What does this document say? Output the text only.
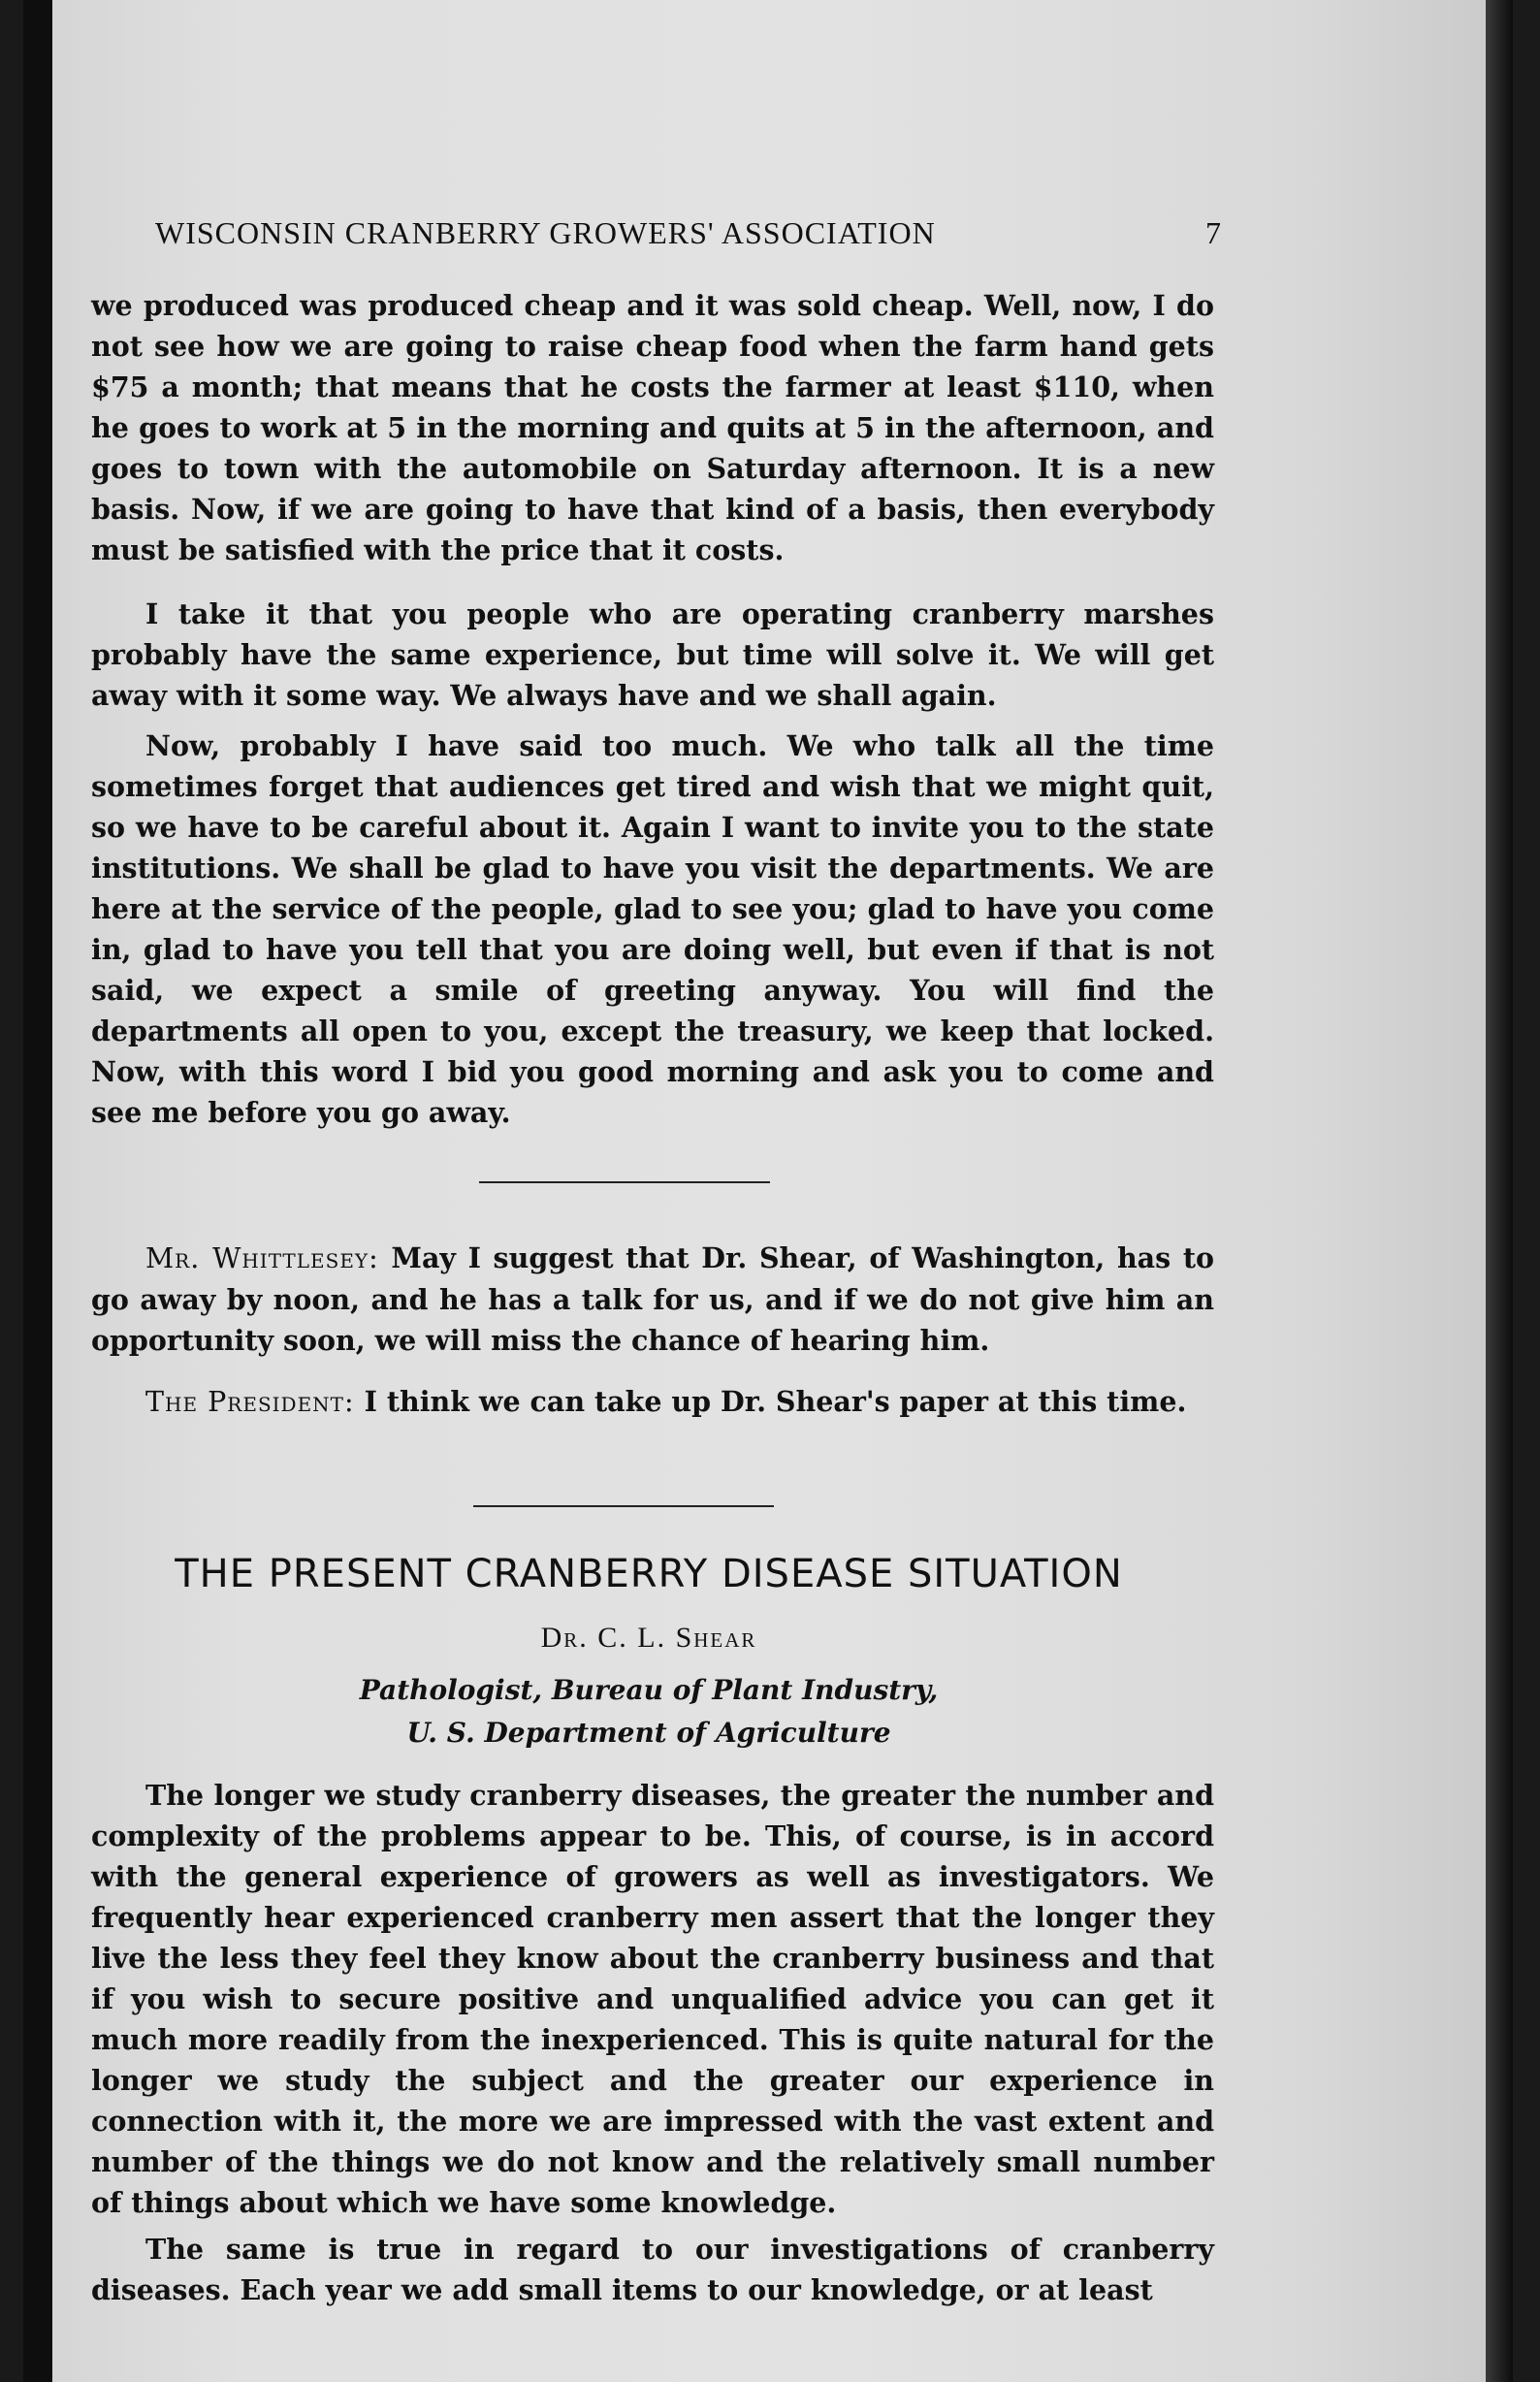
WISCONSIN CRANBERRY GROWERS' ASSOCIATION	7

we produced was produced cheap and it was sold cheap. Well, now, I do not see how we are going to raise cheap food when the farm hand gets $75 a month; that means that he costs the farmer at least $110, when he goes to work at 5 in the morning and quits at 5 in the afternoon, and goes to town with the automobile on Saturday afternoon. It is a new basis. Now, if we are going to have that kind of a basis, then everybody must be satisfied with the price that it costs.

I take it that you people who are operating cranberry marshes probably have the same experience, but time will solve it. We will get away with it some way. We always have and we shall again.

Now, probably I have said too much. We who talk all the time sometimes forget that audiences get tired and wish that we might quit, so we have to be careful about it. Again I want to invite you to the state institutions. We shall be glad to have you visit the departments. We are here at the service of the people, glad to see you; glad to have you come in, glad to have you tell that you are doing well, but even if that is not said, we expect a smile of greeting anyway. You will find the departments all open to you, except the treasury, we keep that locked. Now, with this word I bid you good morning and ask you to come and see me before you go away.

Mr. Whittlesey: May I suggest that Dr. Shear, of Washington, has to go away by noon, and he has a talk for us, and if we do not give him an opportunity soon, we will miss the chance of hearing him.

The President: I think we can take up Dr. Shear's paper at this time.

THE PRESENT CRANBERRY DISEASE SITUATION
Dr. C. L. Shear
Pathologist, Bureau of Plant Industry,
U. S. Department of Agriculture

The longer we study cranberry diseases, the greater the number and complexity of the problems appear to be. This, of course, is in accord with the general experience of growers as well as investigators. We frequently hear experienced cranberry men assert that the longer they live the less they feel they know about the cranberry business and that if you wish to secure positive and unqualified advice you can get it much more readily from the inexperienced. This is quite natural for the longer we study the subject and the greater our experience in connection with it, the more we are impressed with the vast extent and number of the things we do not know and the relatively small number of things about which we have some knowledge.

The same is true in regard to our investigations of cranberry diseases. Each year we add small items to our knowledge, or at least
